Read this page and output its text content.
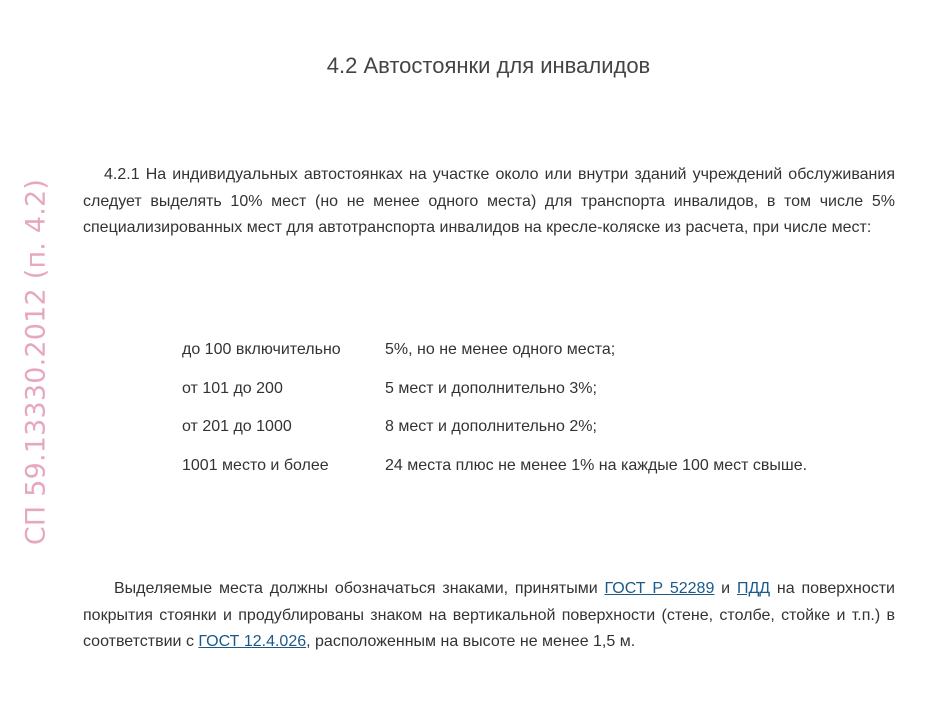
СП 59.13330.2012 (п. 4.2)
4.2 Автостоянки для инвалидов

4.2.1 На индивидуальных автостоянках на участке около или внутри зданий учреждений обслуживания следует выделять 10% мест (но не менее одного места) для транспорта инвалидов, в том числе 5% специализированных мест для автотранспорта инвалидов на кресле-коляске из расчета, при числе мест:

до 100 включительно	5%, но не менее одного места;
от 101 до 200	5 мест и дополнительно 3%;
от 201 до 1000	8 мест и дополнительно 2%;
1001 место и более	24 места плюс не менее 1% на каждые 100 мест свыше.

Выделяемые места должны обозначаться знаками, принятыми ГОСТ Р 52289 и ПДД на поверхности покрытия стоянки и продублированы знаком на вертикальной поверхности (стене, столбе, стойке и т.п.) в соответствии с ГОСТ 12.4.026, расположенным на высоте не менее 1,5 м.
